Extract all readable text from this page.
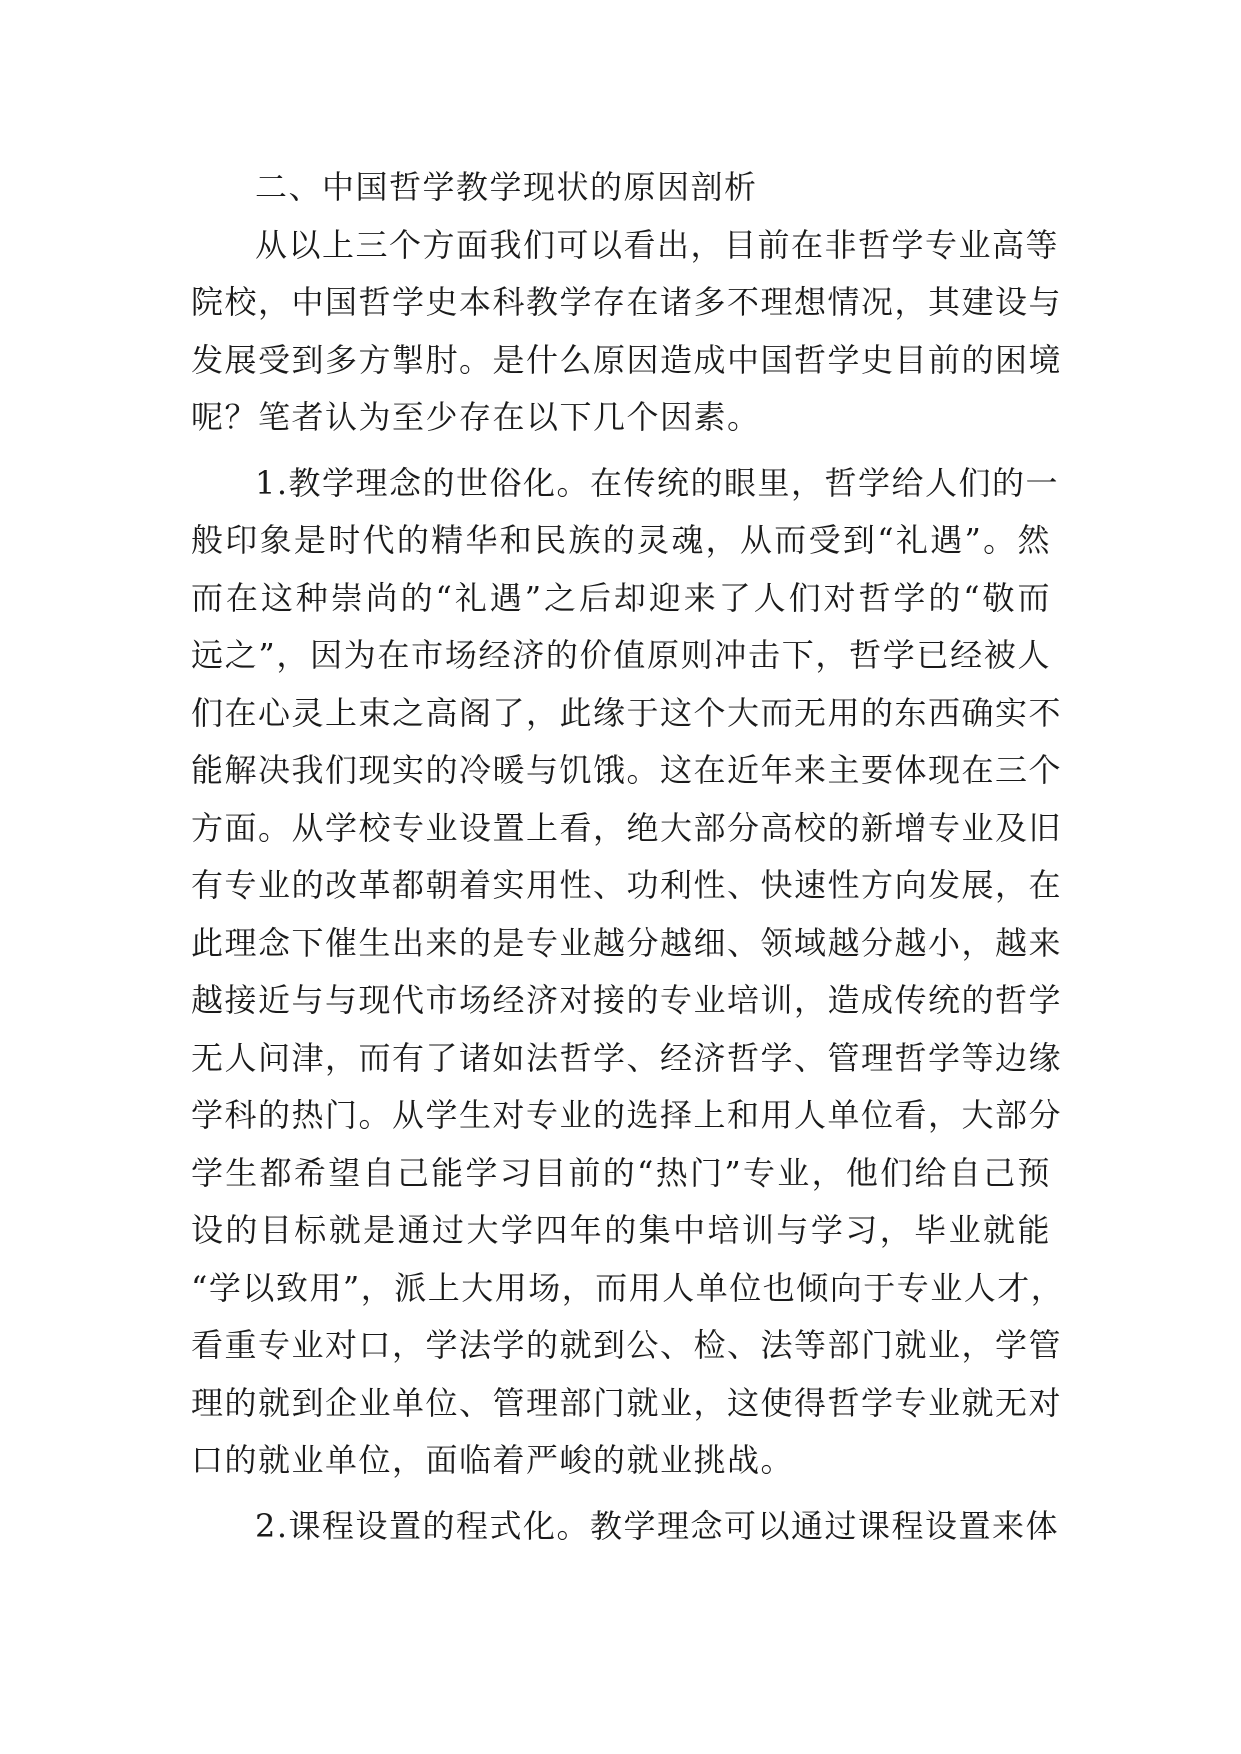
二、中国哲学教学现状的原因剖析
从以上三个方面我们可以看出，目前在非哲学专业高等
院校，中国哲学史本科教学存在诸多不理想情况，其建设与
发展受到多方掣肘。是什么原因造成中国哲学史目前的困境
呢？笔者认为至少存在以下几个因素。
1.教学理念的世俗化。在传统的眼里，哲学给人们的一
般印象是时代的精华和民族的灵魂，从而受到“礼遇”。然
而在这种崇尚的“礼遇”之后却迎来了人们对哲学的“敬而
远之”，因为在市场经济的价值原则冲击下，哲学已经被人
们在心灵上束之高阁了，此缘于这个大而无用的东西确实不
能解决我们现实的冷暖与饥饿。这在近年来主要体现在三个
方面。从学校专业设置上看，绝大部分高校的新增专业及旧
有专业的改革都朝着实用性、功利性、快速性方向发展，在
此理念下催生出来的是专业越分越细、领域越分越小，越来
越接近与与现代市场经济对接的专业培训，造成传统的哲学
无人问津，而有了诸如法哲学、经济哲学、管理哲学等边缘
学科的热门。从学生对专业的选择上和用人单位看，大部分
学生都希望自己能学习目前的“热门”专业，他们给自己预
设的目标就是通过大学四年的集中培训与学习，毕业就能
“学以致用”，派上大用场，而用人单位也倾向于专业人才，
看重专业对口，学法学的就到公、检、法等部门就业，学管
理的就到企业单位、管理部门就业，这使得哲学专业就无对
口的就业单位，面临着严峻的就业挑战。
2.课程设置的程式化。教学理念可以通过课程设置来体
